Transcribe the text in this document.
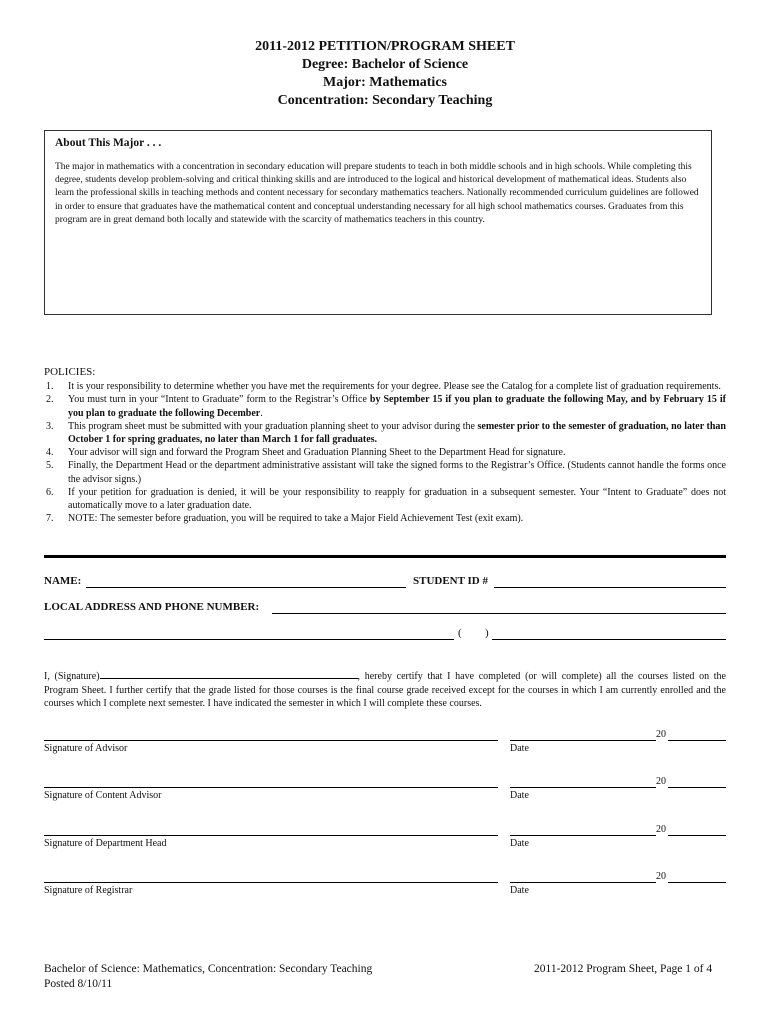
2011-2012 PETITION/PROGRAM SHEET
Degree: Bachelor of Science
Major: Mathematics
Concentration: Secondary Teaching
About This Major . . .
The major in mathematics with a concentration in secondary education will prepare students to teach in both middle schools and in high schools. While completing this degree, students develop problem-solving and critical thinking skills and are introduced to the logical and historical development of mathematical ideas. Students also learn the professional skills in teaching methods and content necessary for secondary mathematics teachers. Nationally recommended curriculum guidelines are followed in order to ensure that graduates have the mathematical content and conceptual understanding necessary for all high school mathematics courses. Graduates from this program are in great demand both locally and statewide with the scarcity of mathematics teachers in this country.
POLICIES:
1. It is your responsibility to determine whether you have met the requirements for your degree. Please see the Catalog for a complete list of graduation requirements.
2. You must turn in your “Intent to Graduate” form to the Registrar’s Office by September 15 if you plan to graduate the following May, and by February 15 if you plan to graduate the following December.
3. This program sheet must be submitted with your graduation planning sheet to your advisor during the semester prior to the semester of graduation, no later than October 1 for spring graduates, no later than March 1 for fall graduates.
4. Your advisor will sign and forward the Program Sheet and Graduation Planning Sheet to the Department Head for signature.
5. Finally, the Department Head or the department administrative assistant will take the signed forms to the Registrar’s Office. (Students cannot handle the forms once the advisor signs.)
6. If your petition for graduation is denied, it will be your responsibility to reapply for graduation in a subsequent semester. Your “Intent to Graduate” does not automatically move to a later graduation date.
7. NOTE: The semester before graduation, you will be required to take a Major Field Achievement Test (exit exam).
NAME:	STUDENT ID #
LOCAL ADDRESS AND PHONE NUMBER:
( )
I, (Signature)	, hereby certify that I have completed (or will complete) all the courses listed on the Program Sheet. I further certify that the grade listed for those courses is the final course grade received except for the courses in which I am currently enrolled and the courses which I complete next semester. I have indicated the semester in which I will complete these courses.
Signature of Advisor
20
Date
Signature of Content Advisor
20
Date
Signature of Department Head
20
Date
Signature of Registrar
20
Date
Bachelor of Science: Mathematics, Concentration: Secondary Teaching
Posted 8/10/11
2011-2012 Program Sheet, Page 1 of 4
